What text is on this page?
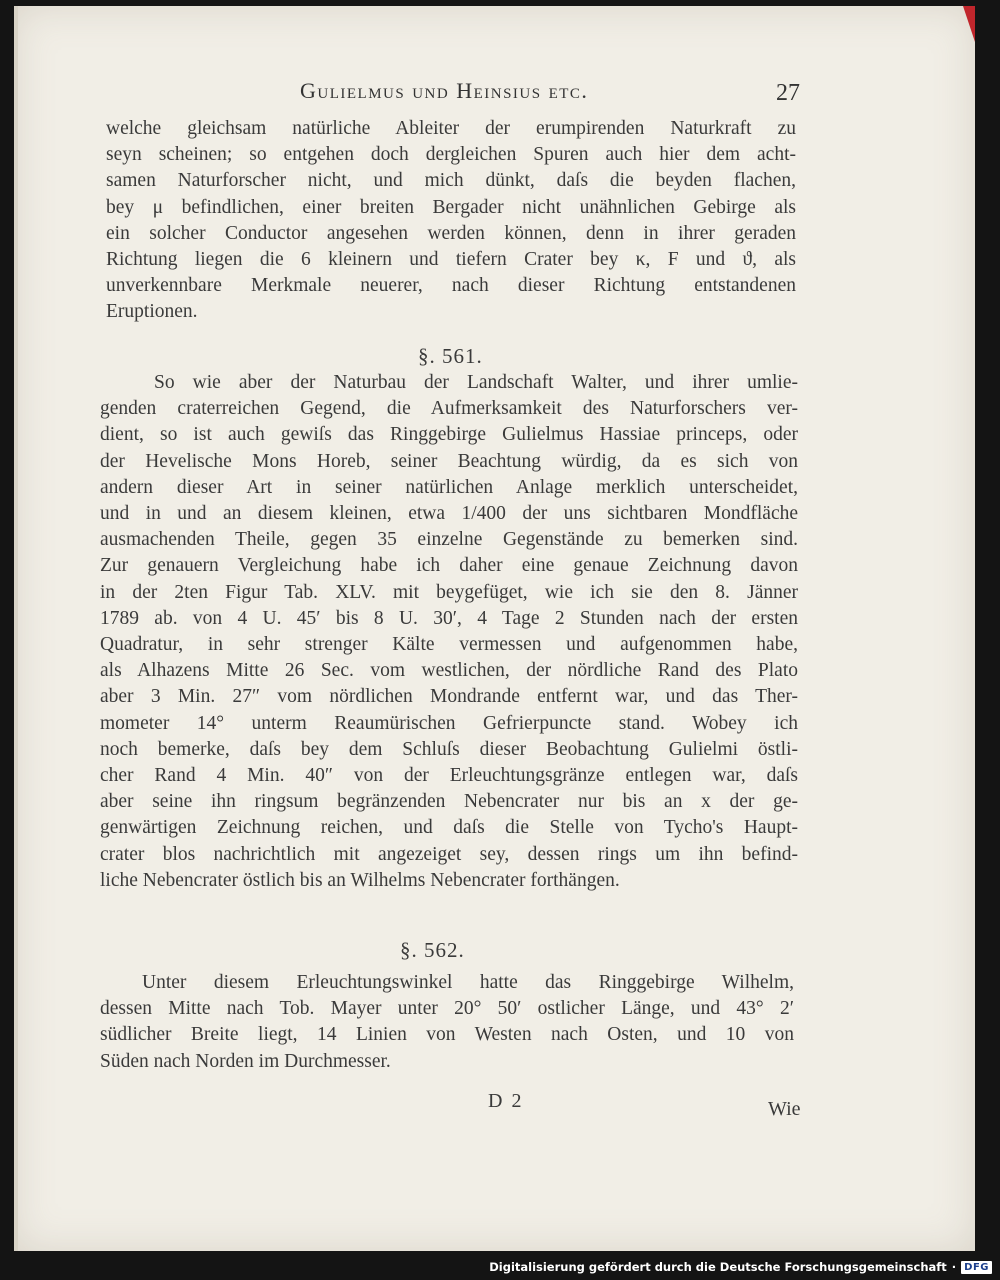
Gulielmus und Heinsius etc.	27
welche gleichsam natürliche Ableiter der erumpirenden Naturkraft zu
seyn scheinen; so entgehen doch dergleichen Spuren auch hier dem acht-
samen Naturforscher nicht, und mich dünkt, daſs die beyden flachen,
bey μ befindlichen, einer breiten Bergader nicht unähnlichen Gebirge als
ein solcher Conductor angesehen werden können, denn in ihrer geraden
Richtung liegen die 6 kleinern und tiefern Crater bey κ, F und ϑ, als
unverkennbare Merkmale neuerer, nach dieser Richtung entstandenen
Eruptionen.
§. 561.
So wie aber der Naturbau der Landschaft Walter, und ihrer umlie-
genden craterreichen Gegend, die Aufmerksamkeit des Naturforschers ver-
dient, so ist auch gewiſs das Ringgebirge Gulielmus Hassiae princeps, oder
der Hevelische Mons Horeb, seiner Beachtung würdig, da es sich von
andern dieser Art in seiner natürlichen Anlage merklich unterscheidet,
und in und an diesem kleinen, etwa 1/400 der uns sichtbaren Mondfläche
ausmachenden Theile, gegen 35 einzelne Gegenstände zu bemerken sind.
Zur genauern Vergleichung habe ich daher eine genaue Zeichnung davon
in der 2ten Figur Tab. XLV. mit beygefüget, wie ich sie den 8. Jänner
1789 ab. von 4 U. 45′ bis 8 U. 30′, 4 Tage 2 Stunden nach der ersten
Quadratur, in sehr strenger Kälte vermessen und aufgenommen habe,
als Alhazens Mitte 26 Sec. vom westlichen, der nördliche Rand des Plato
aber 3 Min. 27″ vom nördlichen Mondrande entfernt war, und das Ther-
mometer 14° unterm Reaumürischen Gefrierpuncte stand. Wobey ich
noch bemerke, daſs bey dem Schluſs dieser Beobachtung Gulielmi östli-
cher Rand 4 Min. 40″ von der Erleuchtungsgränze entlegen war, daſs
aber seine ihn ringsum begränzenden Nebencrater nur bis an x der ge-
genwärtigen Zeichnung reichen, und daſs die Stelle von Tycho's Haupt-
crater blos nachrichtlich mit angezeiget sey, dessen rings um ihn befind-
liche Nebencrater östlich bis an Wilhelms Nebencrater forthängen.
§. 562.
Unter diesem Erleuchtungswinkel hatte das Ringgebirge Wilhelm,
dessen Mitte nach Tob. Mayer unter 20° 50′ ostlicher Länge, und 43° 2′
südlicher Breite liegt, 14 Linien von Westen nach Osten, und 10 von
Süden nach Norden im Durchmesser.
D 2	Wie
Digitalisierung gefördert durch die Deutsche Forschungsgemeinschaft · DFG
